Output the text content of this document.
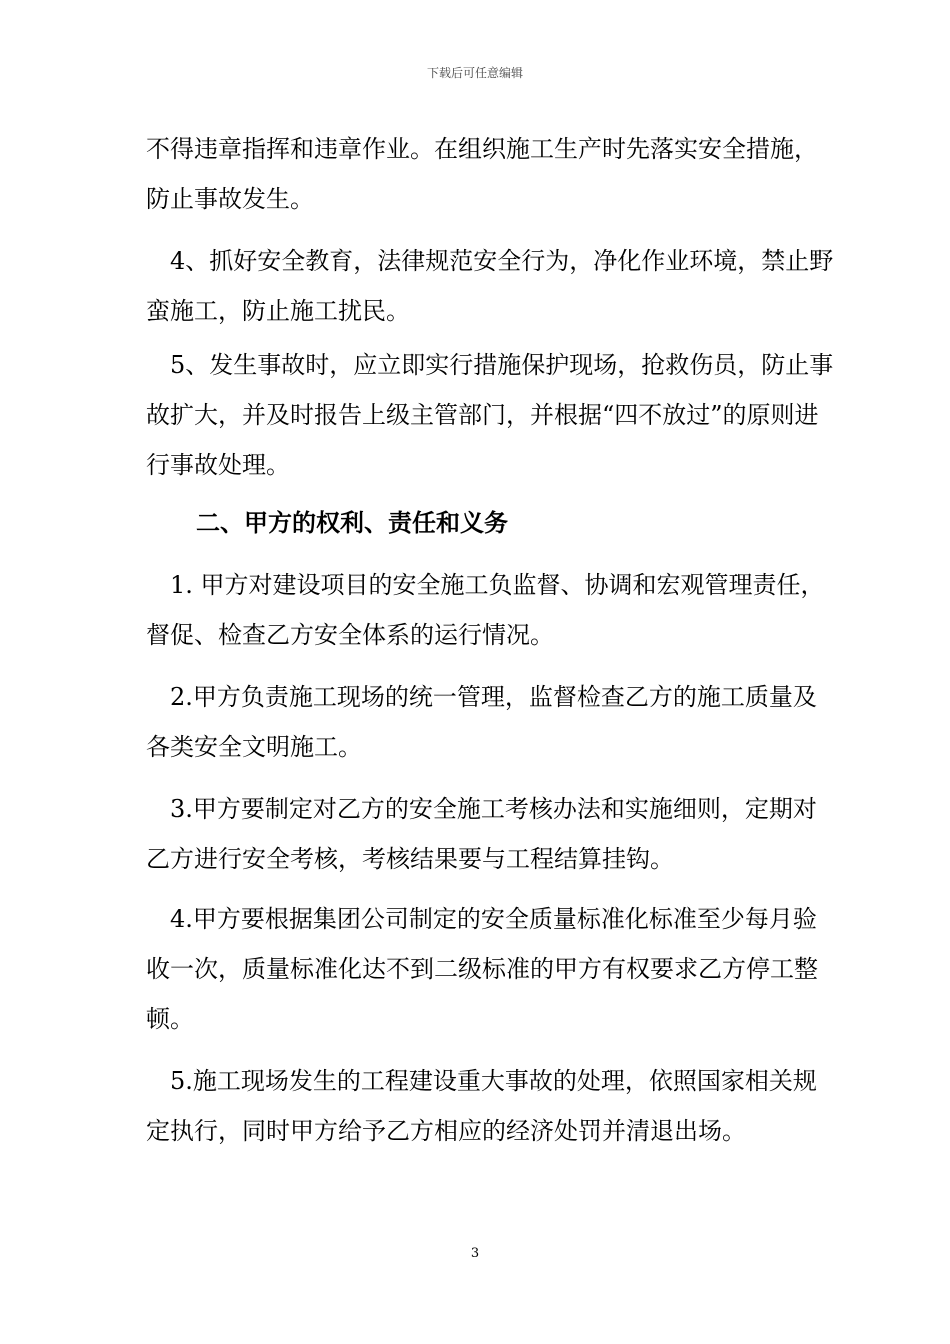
下载后可任意编辑

不得违章指挥和违章作业。在组织施工生产时先落实安全措施，防止事故发生。

　4、抓好安全教育，法律规范安全行为，净化作业环境，禁止野蛮施工，防止施工扰民。

　5、发生事故时，应立即实行措施保护现场，抢救伤员，防止事故扩大，并及时报告上级主管部门，并根据“四不放过”的原则进行事故处理。

二、甲方的权利、责任和义务

　1. 甲方对建设项目的安全施工负监督、协调和宏观管理责任，督促、检查乙方安全体系的运行情况。

　2.甲方负责施工现场的统一管理，监督检查乙方的施工质量及各类安全文明施工。

　3.甲方要制定对乙方的安全施工考核办法和实施细则，定期对乙方进行安全考核，考核结果要与工程结算挂钩。

　4.甲方要根据集团公司制定的安全质量标准化标准至少每月验收一次，质量标准化达不到二级标准的甲方有权要求乙方停工整顿。

　5.施工现场发生的工程建设重大事故的处理，依照国家相关规定执行，同时甲方给予乙方相应的经济处罚并清退出场。

3
